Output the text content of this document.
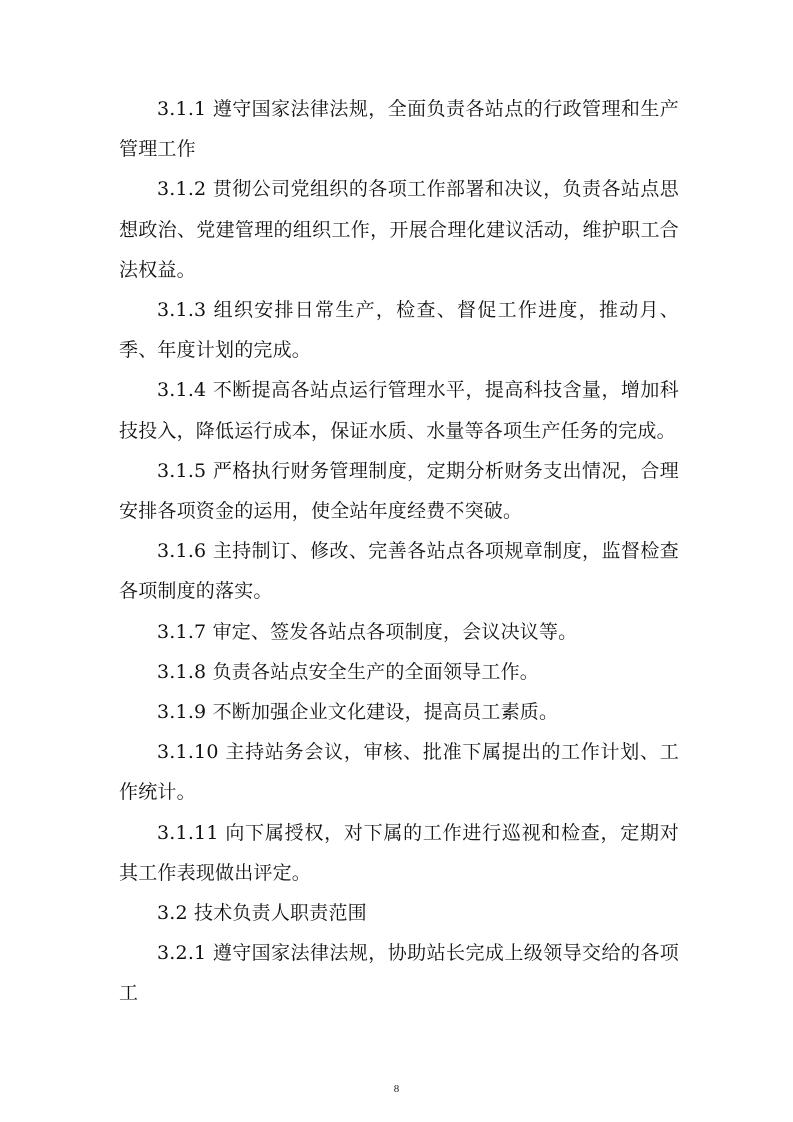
3.1.1 遵守国家法律法规，全面负责各站点的行政管理和生产管理工作

3.1.2 贯彻公司党组织的各项工作部署和决议，负责各站点思想政治、党建管理的组织工作，开展合理化建议活动，维护职工合法权益。

3.1.3 组织安排日常生产，检查、督促工作进度，推动月、季、年度计划的完成。

3.1.4 不断提高各站点运行管理水平，提高科技含量，增加科技投入，降低运行成本，保证水质、水量等各项生产任务的完成。

3.1.5 严格执行财务管理制度，定期分析财务支出情况，合理安排各项资金的运用，使全站年度经费不突破。

3.1.6 主持制订、修改、完善各站点各项规章制度，监督检查各项制度的落实。

3.1.7 审定、签发各站点各项制度，会议决议等。

3.1.8 负责各站点安全生产的全面领导工作。

3.1.9 不断加强企业文化建设，提高员工素质。

3.1.10 主持站务会议，审核、批准下属提出的工作计划、工作统计。

3.1.11 向下属授权，对下属的工作进行巡视和检查，定期对其工作表现做出评定。

3.2 技术负责人职责范围

3.2.1 遵守国家法律法规，协助站长完成上级领导交给的各项工

8
